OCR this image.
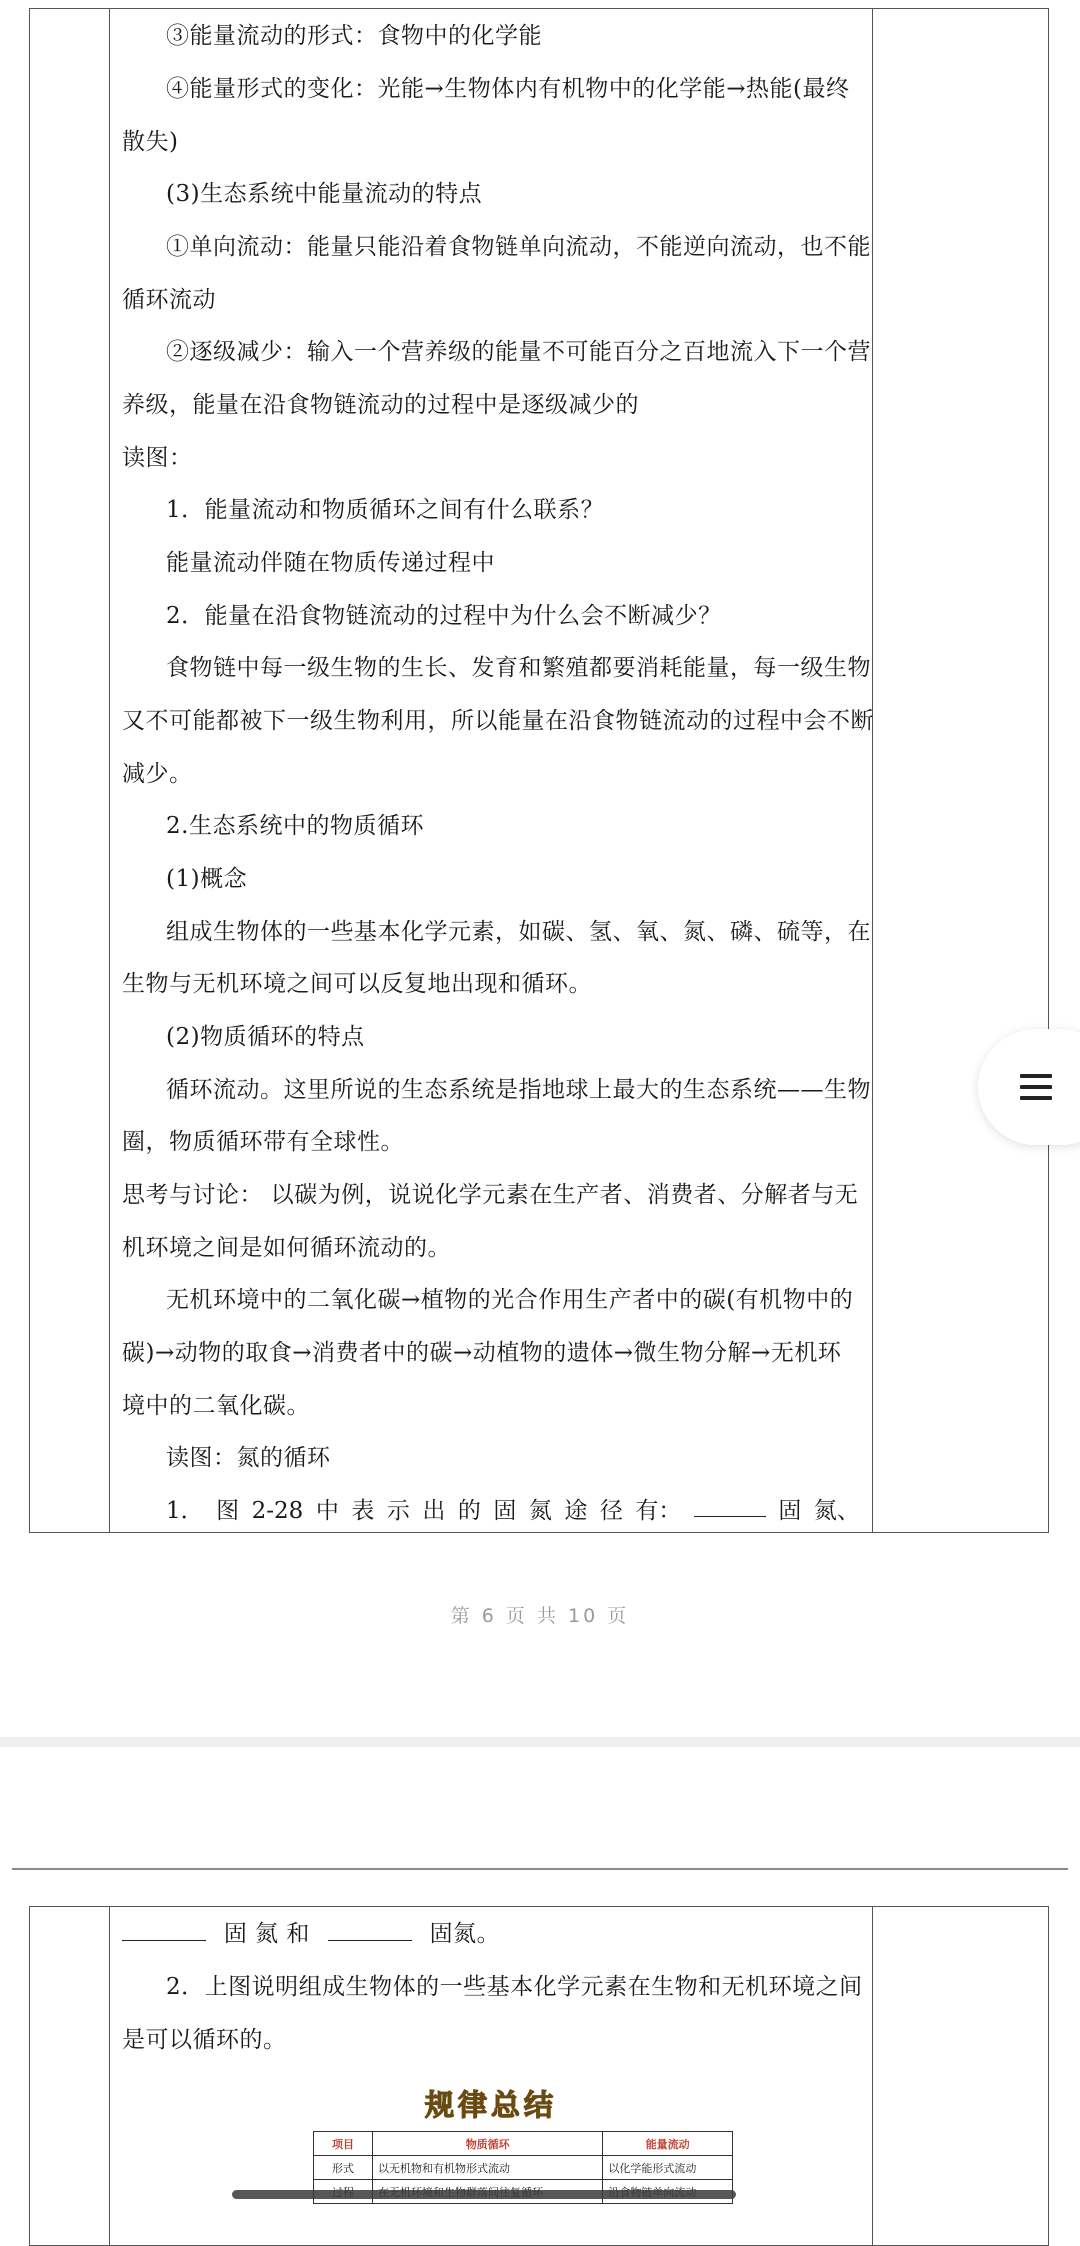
③能量流动的形式：食物中的化学能
④能量形式的变化：光能→生物体内有机物中的化学能→热能(最终
散失)
(3)生态系统中能量流动的特点
①单向流动：能量只能沿着食物链单向流动，不能逆向流动，也不能
循环流动
②逐级减少：输入一个营养级的能量不可能百分之百地流入下一个营
养级，能量在沿食物链流动的过程中是逐级减少的
读图：
1．能量流动和物质循环之间有什么联系？
能量流动伴随在物质传递过程中
2．能量在沿食物链流动的过程中为什么会不断减少？
食物链中每一级生物的生长、发育和繁殖都要消耗能量，每一级生物
又不可能都被下一级生物利用，所以能量在沿食物链流动的过程中会不断
减少。
2.生态系统中的物质循环
(1)概念
组成生物体的一些基本化学元素，如碳、氢、氧、氮、磷、硫等，在
生物与无机环境之间可以反复地出现和循环。
(2)物质循环的特点
循环流动。这里所说的生态系统是指地球上最大的生态系统——生物
圈，物质循环带有全球性。
思考与讨论： 以碳为例，说说化学元素在生产者、消费者、分解者与无
机环境之间是如何循环流动的。
无机环境中的二氧化碳→植物的光合作用生产者中的碳(有机物中的
碳)→动物的取食→消费者中的碳→动植物的遗体→微生物分解→无机环
境中的二氧化碳。
读图：氮的循环
1． 图 2-28 中 表 示 出 的 固 氮 途 径 有：	固 氮、
第 6 页 共 10 页
固 氮 和	固氮。
2．上图说明组成生物体的一些基本化学元素在生物和无机环境之间
是可以循环的。
规律总结
项目	物质循环	能量流动
形式	以无机物和有机物形式流动	以化学能形式流动
